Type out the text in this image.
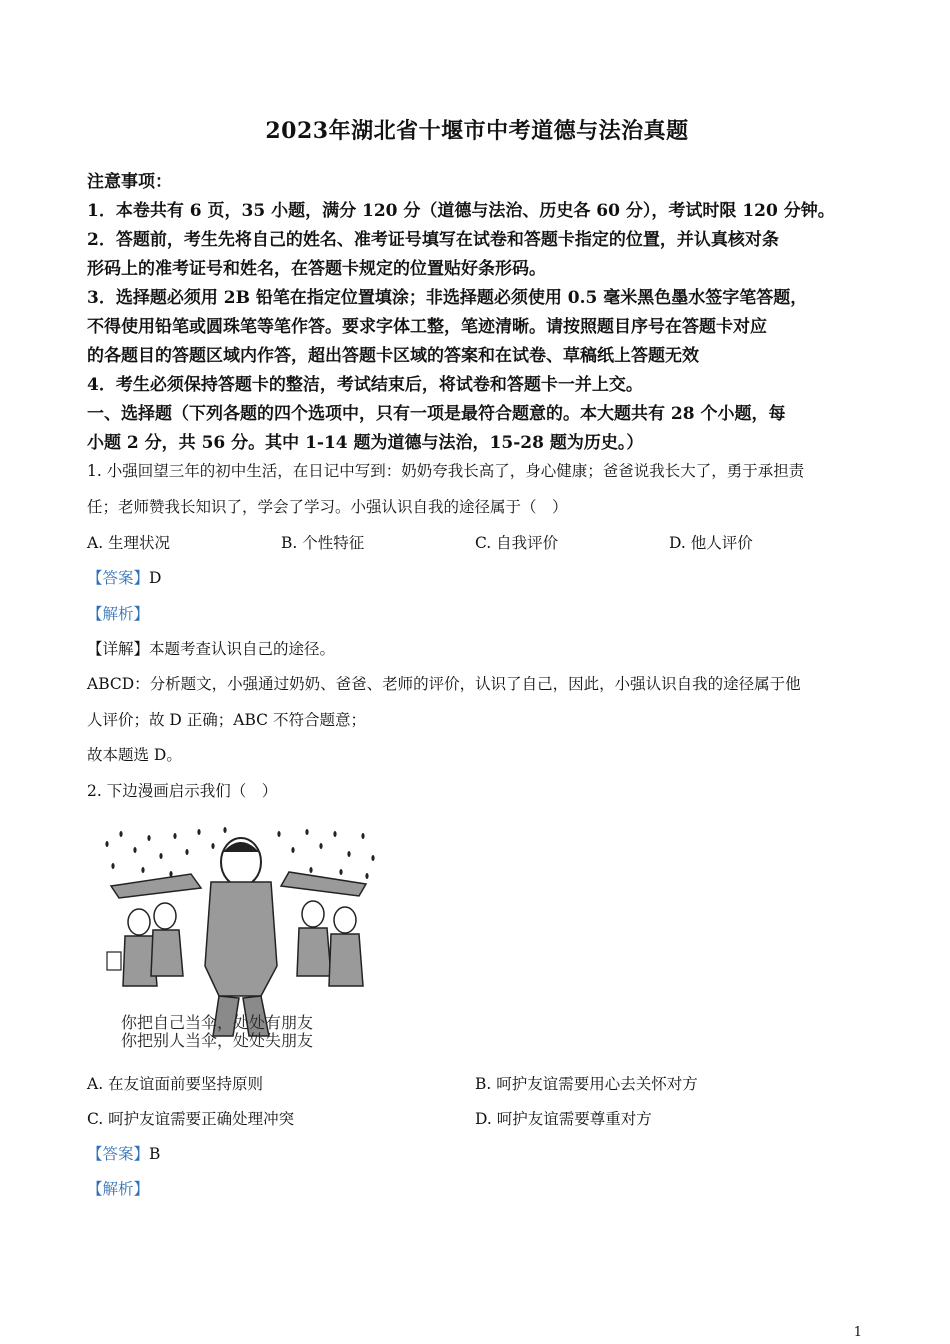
2023年湖北省十堰市中考道德与法治真题
注意事项：
1．本卷共有 6 页，35 小题，满分 120 分（道德与法治、历史各 60 分），考试时限 120 分钟。
2．答题前，考生先将自己的姓名、准考证号填写在试卷和答题卡指定的位置，并认真核对条
形码上的准考证号和姓名，在答题卡规定的位置贴好条形码。
3．选择题必须用 2B 铅笔在指定位置填涂；非选择题必须使用 0.5 毫米黑色墨水签字笔答题，
不得使用铅笔或圆珠笔等笔作答。要求字体工整，笔迹清晰。请按照题目序号在答题卡对应
的各题目的答题区域内作答，超出答题卡区域的答案和在试卷、草稿纸上答题无效
4．考生必须保持答题卡的整洁，考试结束后，将试卷和答题卡一并上交。
一、选择题（下列各题的四个选项中，只有一项是最符合题意的。本大题共有 28 个小题，每
小题 2 分，共 56 分。其中 1-14 题为道德与法治，15-28 题为历史。）
1. 小强回望三年的初中生活，在日记中写到：奶奶夸我长高了，身心健康；爸爸说我长大了，勇于承担责
任；老师赞我长知识了，学会了学习。小强认识自我的途径属于（　）
A. 生理状况	B. 个性特征	C. 自我评价	D. 他人评价
【答案】D
【解析】
【详解】本题考查认识自己的途径。
ABCD：分析题文，小强通过奶奶、爸爸、老师的评价，认识了自己，因此，小强认识自我的途径属于他
人评价；故 D 正确；ABC 不符合题意；
故本题选 D。
2. 下边漫画启示我们（　）
你把自己当伞，处处有朋友
你把别人当伞，处处失朋友
A. 在友谊面前要坚持原则	B. 呵护友谊需要用心去关怀对方
C. 呵护友谊需要正确处理冲突	D. 呵护友谊需要尊重对方
【答案】B
【解析】
1
